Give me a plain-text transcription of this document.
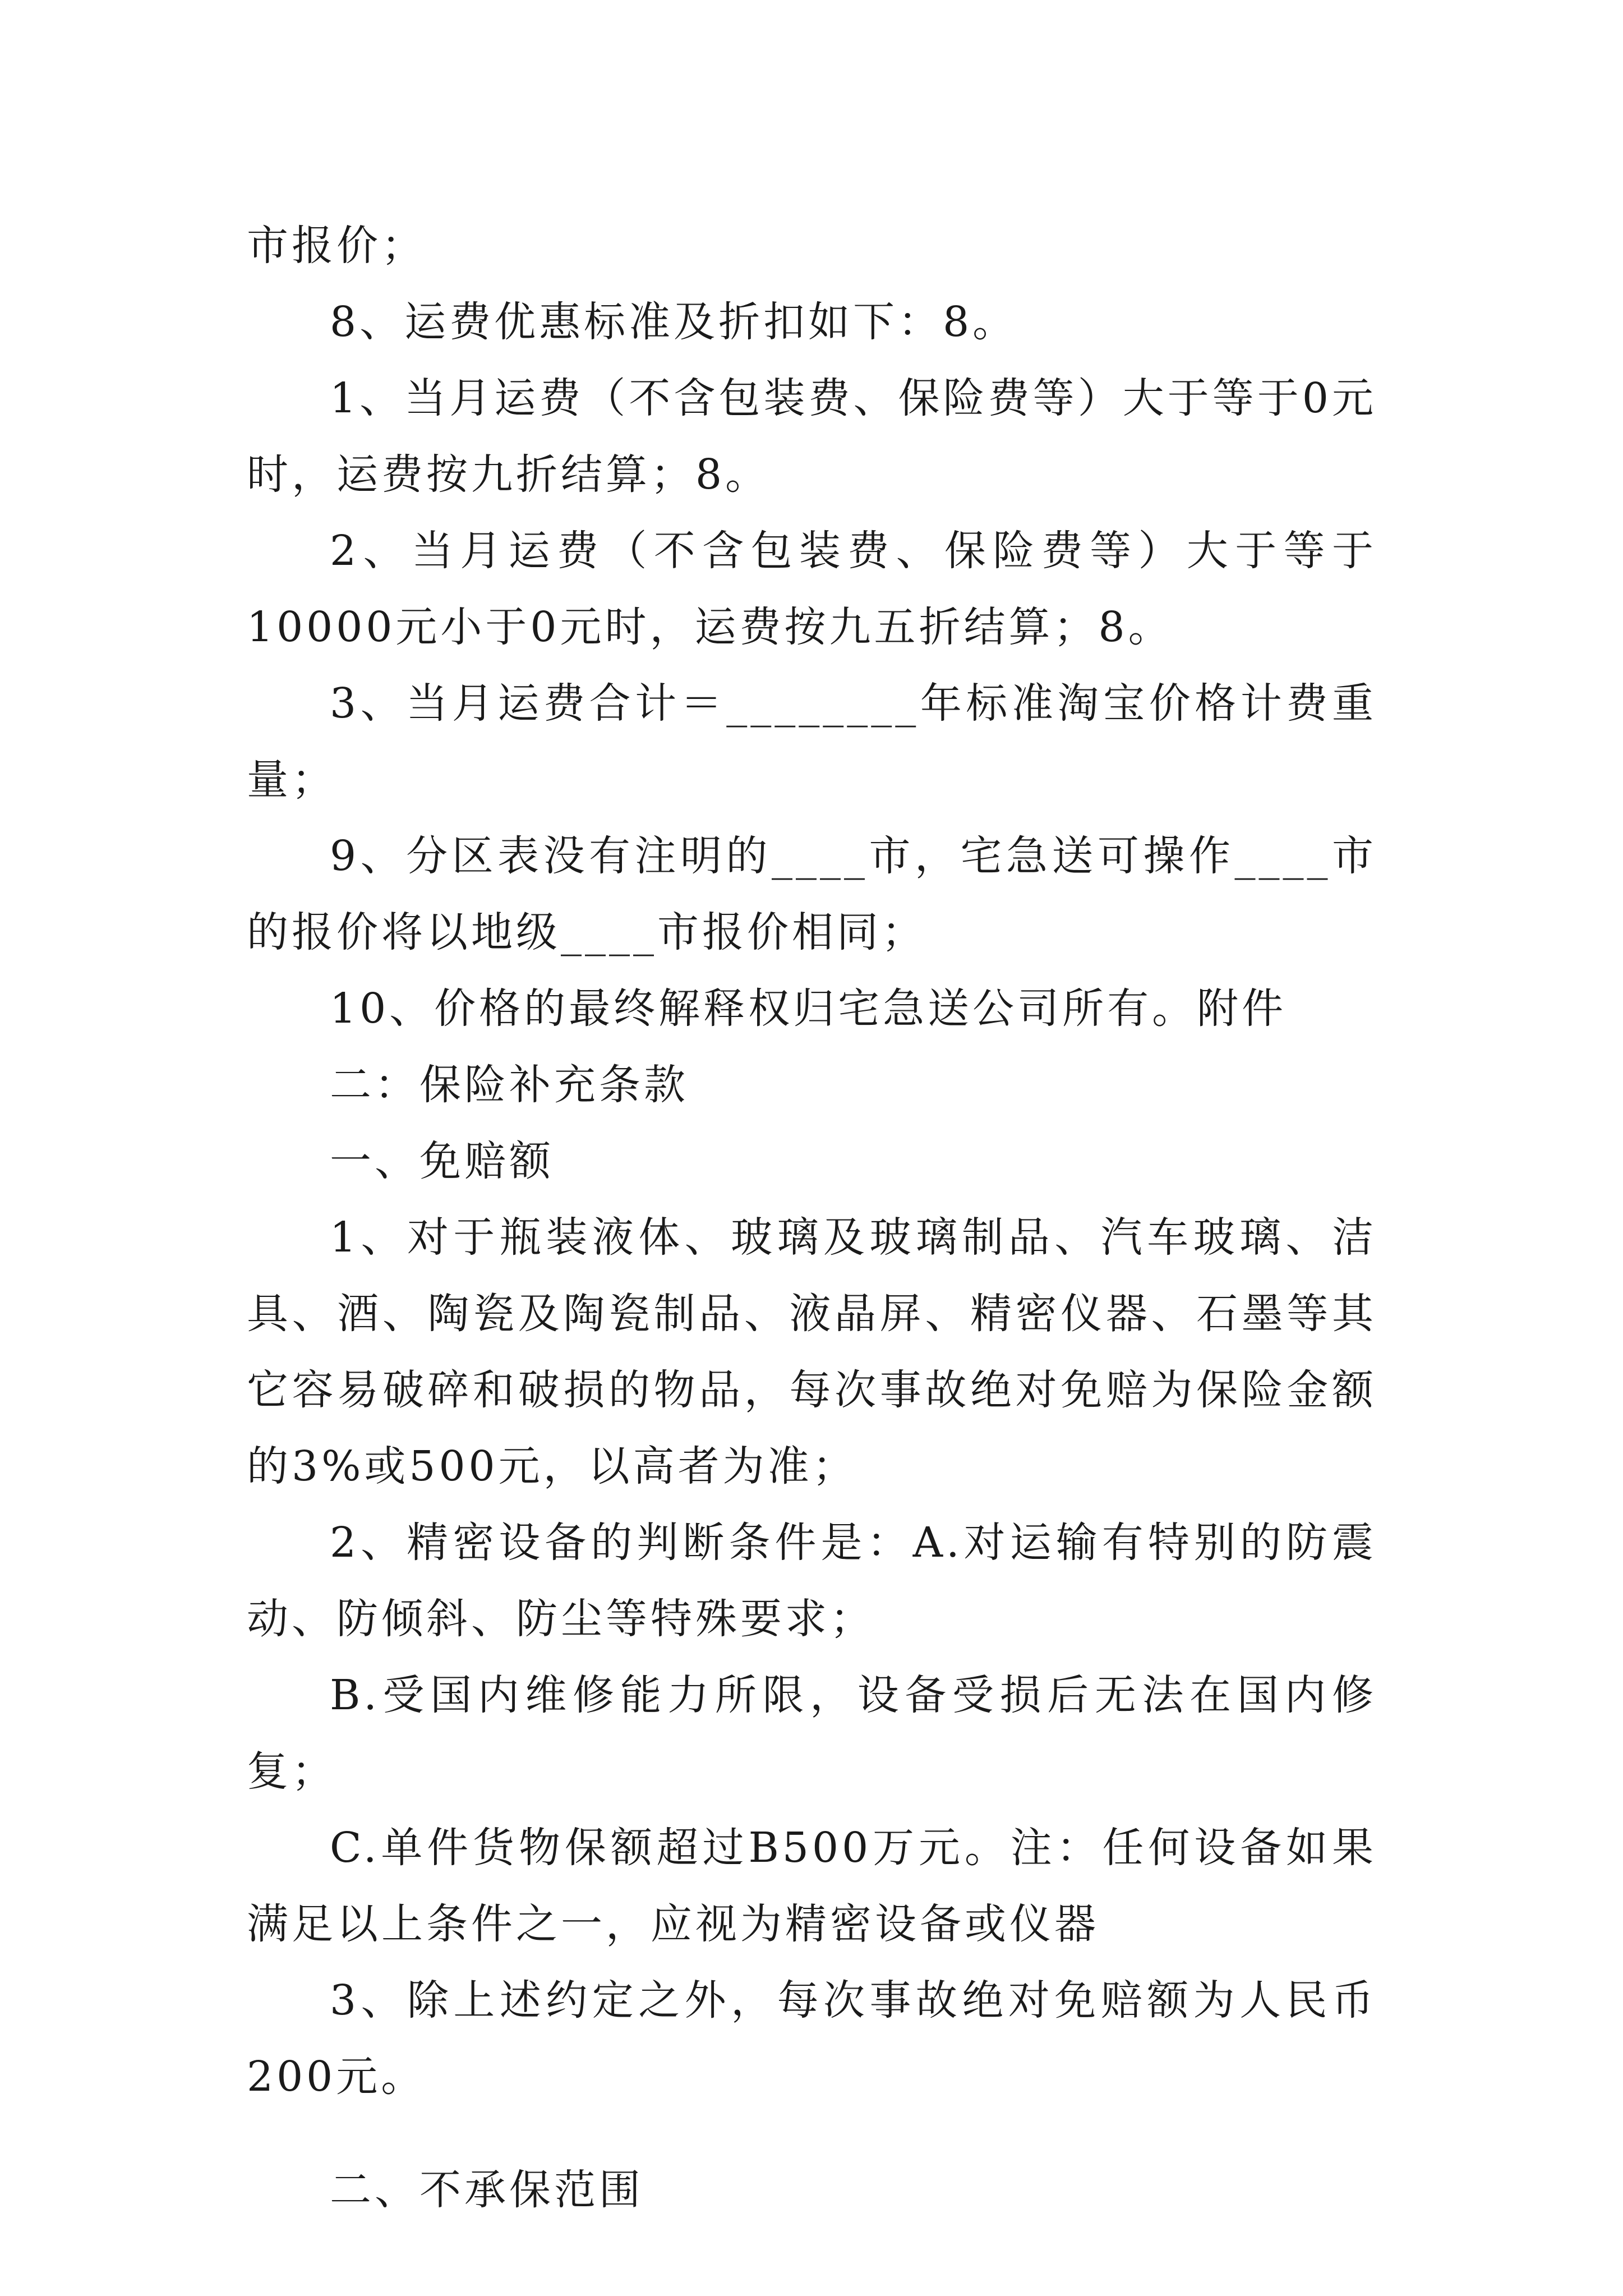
市报价；

8、运费优惠标准及折扣如下：8。

1、当月运费（不含包装费、保险费等）大于等于0元时，运费按九折结算；8。

2、当月运费（不含包装费、保险费等）大于等于10000元小于0元时，运费按九五折结算；8。

3、当月运费合计＝________年标准淘宝价格计费重量；

9、分区表没有注明的____市，宅急送可操作____市的报价将以地级____市报价相同；

10、价格的最终解释权归宅急送公司所有。附件

二：保险补充条款

一、免赔额

1、对于瓶装液体、玻璃及玻璃制品、汽车玻璃、洁具、酒、陶瓷及陶瓷制品、液晶屏、精密仪器、石墨等其它容易破碎和破损的物品，每次事故绝对免赔为保险金额的3%或500元，以高者为准；

2、精密设备的判断条件是：A.对运输有特别的防震动、防倾斜、防尘等特殊要求；

B.受国内维修能力所限，设备受损后无法在国内修复；

C.单件货物保额超过B500万元。注：任何设备如果满足以上条件之一，应视为精密设备或仪器

3、除上述约定之外，每次事故绝对免赔额为人民币200元。

二、不承保范围
